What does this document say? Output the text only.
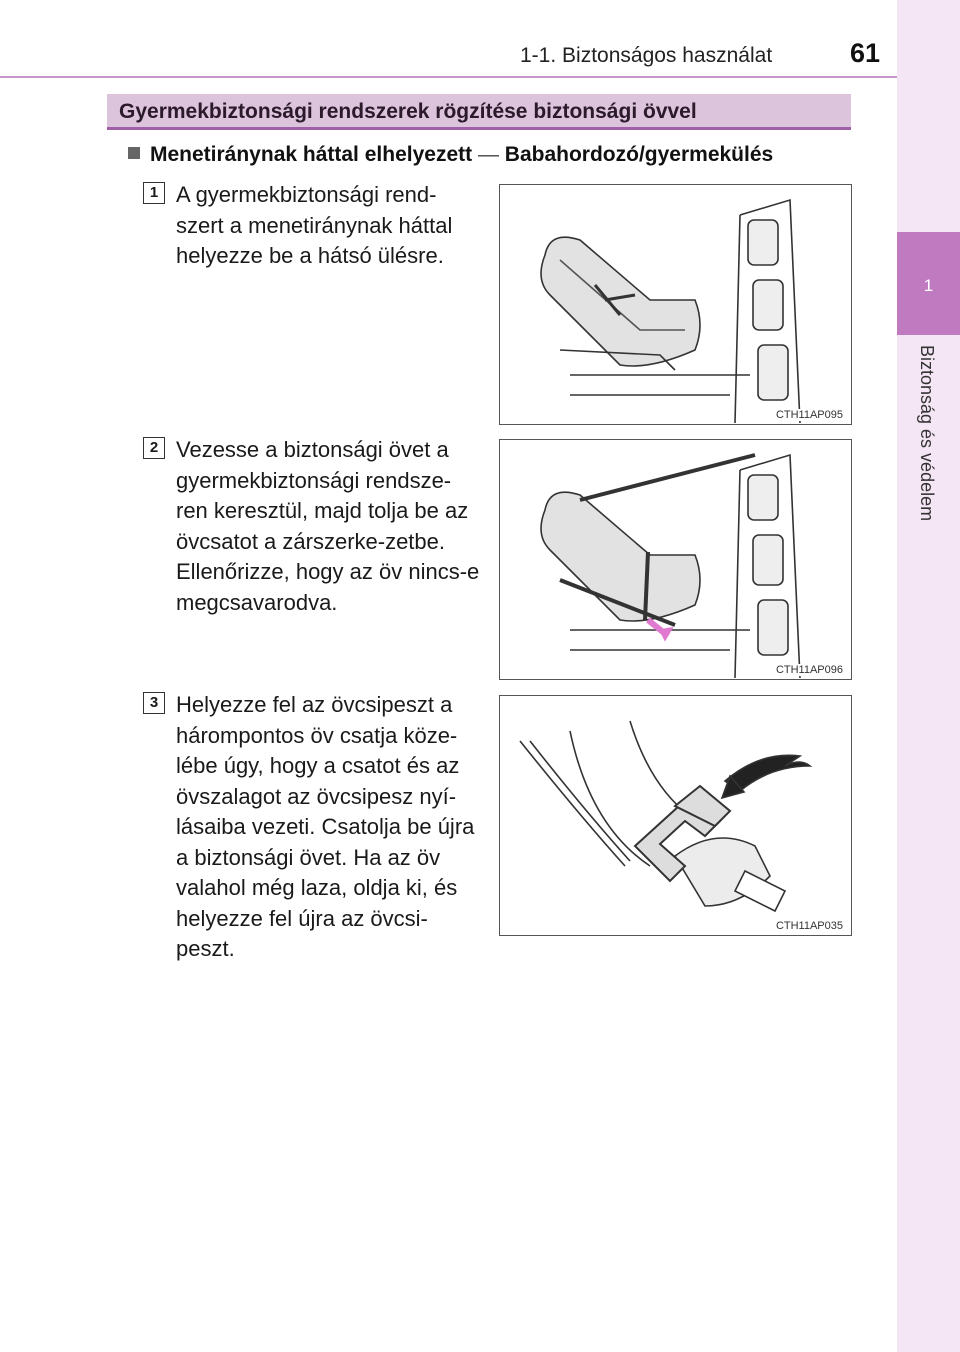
1-1. Biztonságos használat	61
1
Biztonság és védelem
Gyermekbiztonsági rendszerek rögzítése biztonsági övvel
Menetiránynak háttal elhelyezett — Babahordozó/gyermekülés
1 A gyermekbiztonsági rend-szert a menetiránynak háttal helyezze be a hátsó ülésre.
CTH11AP095
2 Vezesse a biztonsági övet a gyermekbiztonsági rendsze-ren keresztül, majd tolja be az övcsatot a zárszerke-zetbe. Ellenőrizze, hogy az öv nincs-e megcsavarodva.
CTH11AP096
3 Helyezze fel az övcsipeszt a hárompontos öv csatja köze-lébe úgy, hogy a csatot és az övszalagot az övcsipesz nyí-lásaiba vezeti. Csatolja be újra a biztonsági övet. Ha az öv valahol még laza, oldja ki, és helyezze fel újra az övcsi-peszt.
CTH11AP035
